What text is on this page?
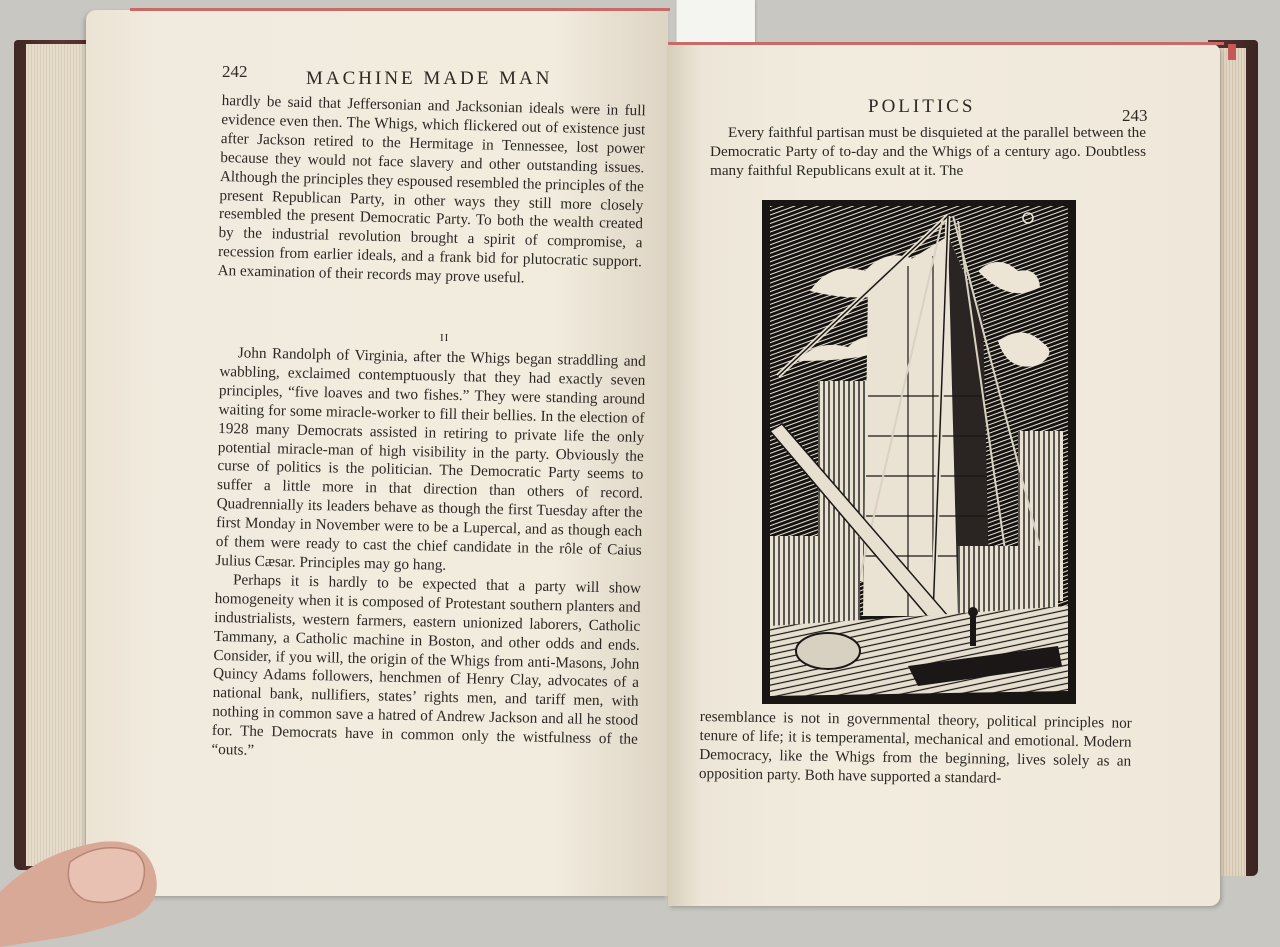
242	MACHINE MADE MAN

hardly be said that Jeffersonian and Jacksonian ideals were in full evidence even then. The Whigs, which flickered out of existence just after Jackson retired to the Hermitage in Tennessee, lost power because they would not face slavery and other outstanding issues. Although the principles they espoused resembled the principles of the present Republican Party, in other ways they still more closely resembled the present Democratic Party. To both the wealth created by the industrial revolution brought a spirit of compromise, a recession from earlier ideals, and a frank bid for plutocratic support. An examination of their records may prove useful.

II

John Randolph of Virginia, after the Whigs began straddling and wabbling, exclaimed contemptuously that they had exactly seven principles, “five loaves and two fishes.” They were standing around waiting for some miracle-worker to fill their bellies. In the election of 1928 many Democrats assisted in retiring to private life the only potential miracle-man of high visibility in the party. Obviously the curse of politics is the politician. The Democratic Party seems to suffer a little more in that direction than others of record. Quadrennially its leaders behave as though the first Tuesday after the first Monday in November were to be a Lupercal, and as though each of them were ready to cast the chief candidate in the rôle of Caius Julius Cæsar. Principles may go hang.

Perhaps it is hardly to be expected that a party will show homogeneity when it is composed of Protestant southern planters and industrialists, western farmers, eastern unionized laborers, Catholic Tammany, a Catholic machine in Boston, and other odds and ends. Consider, if you will, the origin of the Whigs from anti-Masons, John Quincy Adams followers, henchmen of Henry Clay, advocates of a national bank, nullifiers, states’ rights men, and tariff men, with nothing in common save a hatred of Andrew Jackson and all he stood for. The Democrats have in common only the wistfulness of the “outs.”

POLITICS	243

Every faithful partisan must be disquieted at the parallel between the Democratic Party of to-day and the Whigs of a century ago. Doubtless many faithful Republicans exult at it. The

resemblance is not in governmental theory, political principles nor tenure of life; it is temperamental, mechanical and emotional. Modern Democracy, like the Whigs from the beginning, lives solely as an opposition party. Both have supported a standard-
